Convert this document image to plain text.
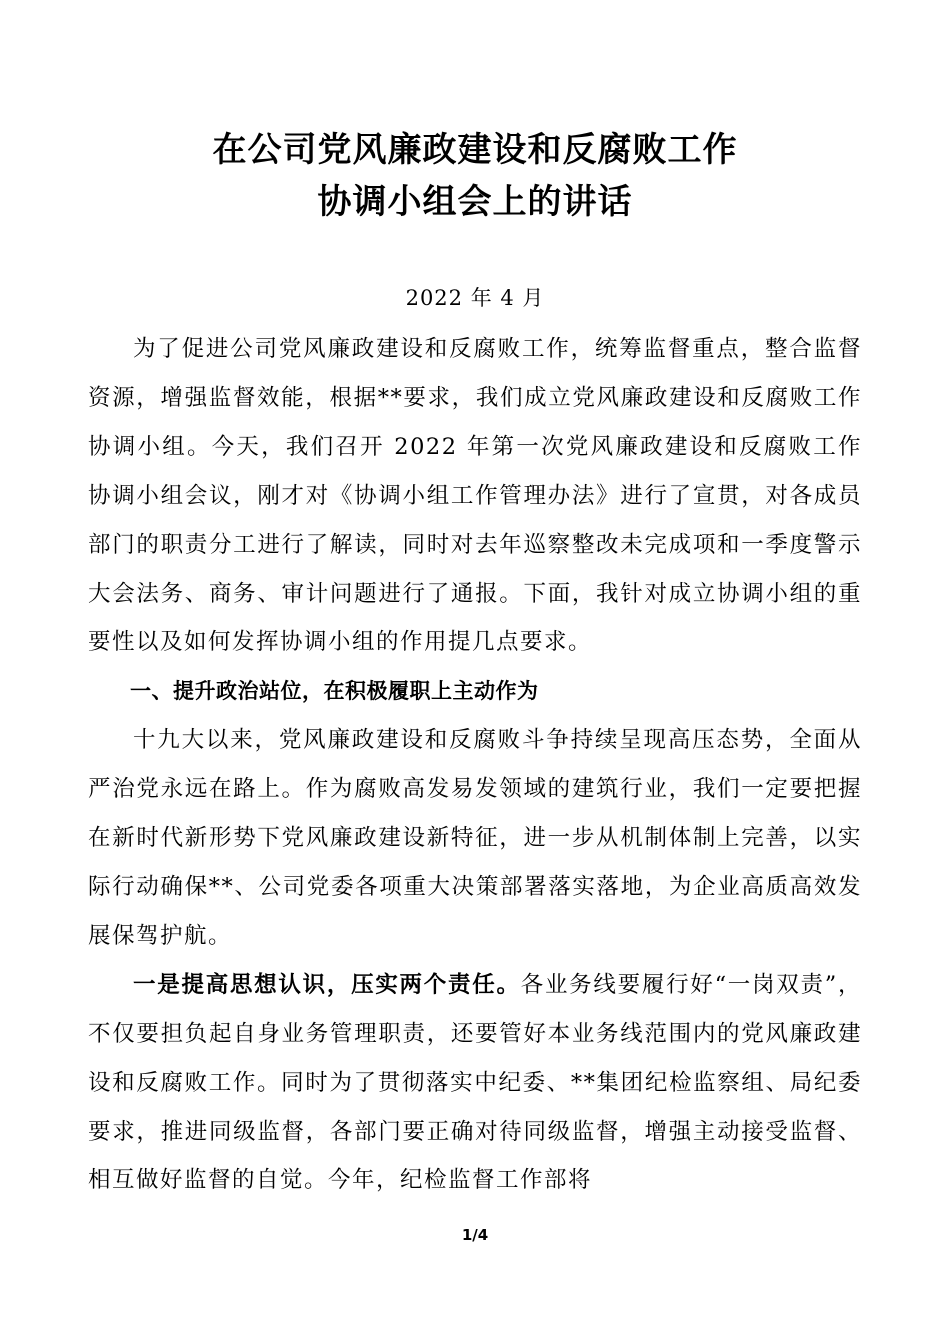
在公司党风廉政建设和反腐败工作
协调小组会上的讲话
2022 年 4 月

为了促进公司党风廉政建设和反腐败工作，统筹监督重点，整合监督资源，增强监督效能，根据**要求，我们成立党风廉政建设和反腐败工作协调小组。今天，我们召开 2022 年第一次党风廉政建设和反腐败工作协调小组会议，刚才对《协调小组工作管理办法》进行了宣贯，对各成员部门的职责分工进行了解读，同时对去年巡察整改未完成项和一季度警示大会法务、商务、审计问题进行了通报。下面，我针对成立协调小组的重要性以及如何发挥协调小组的作用提几点要求。

一、提升政治站位，在积极履职上主动作为

十九大以来，党风廉政建设和反腐败斗争持续呈现高压态势，全面从严治党永远在路上。作为腐败高发易发领域的建筑行业，我们一定要把握在新时代新形势下党风廉政建设新特征，进一步从机制体制上完善，以实际行动确保**、公司党委各项重大决策部署落实落地，为企业高质高效发展保驾护航。

一是提高思想认识，压实两个责任。各业务线要履行好“一岗双责”，不仅要担负起自身业务管理职责，还要管好本业务线范围内的党风廉政建设和反腐败工作。同时为了贯彻落实中纪委、**集团纪检监察组、局纪委要求，推进同级监督，各部门要正确对待同级监督，增强主动接受监督、相互做好监督的自觉。今年，纪检监督工作部将

1/4
